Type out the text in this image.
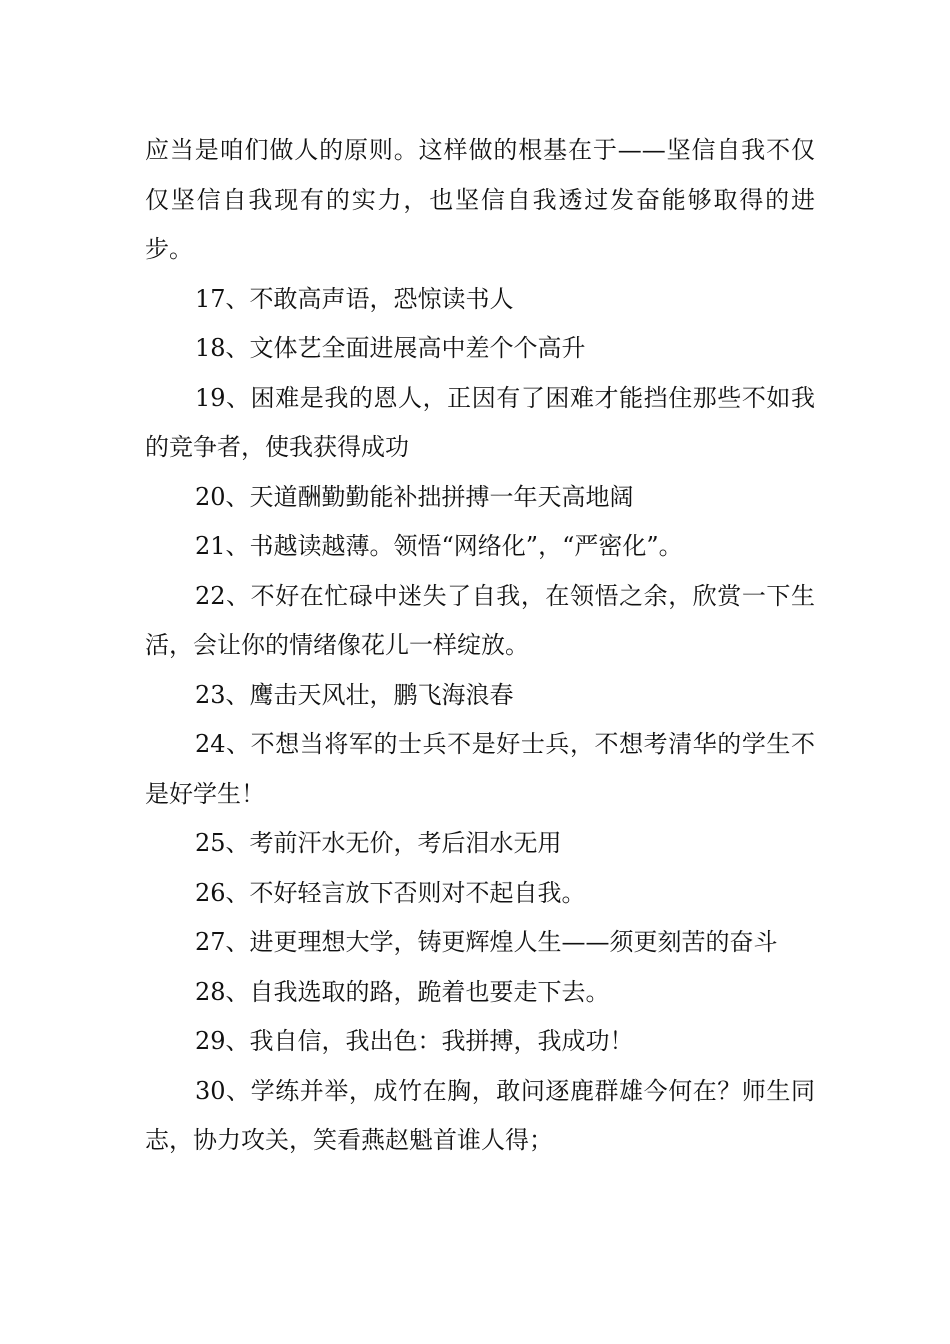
应当是咱们做人的原则。这样做的根基在于——坚信自我不仅仅坚信自我现有的实力，也坚信自我透过发奋能够取得的进步。

17、不敢高声语，恐惊读书人

18、文体艺全面进展高中差个个高升

19、困难是我的恩人，正因有了困难才能挡住那些不如我的竞争者，使我获得成功

20、天道酬勤勤能补拙拼搏一年天高地阔

21、书越读越薄。领悟“网络化”，“严密化”。

22、不好在忙碌中迷失了自我，在领悟之余，欣赏一下生活，会让你的情绪像花儿一样绽放。

23、鹰击天风壮，鹏飞海浪春

24、不想当将军的士兵不是好士兵，不想考清华的学生不是好学生！

25、考前汗水无价，考后泪水无用

26、不好轻言放下否则对不起自我。

27、进更理想大学，铸更辉煌人生——须更刻苦的奋斗

28、自我选取的路，跪着也要走下去。

29、我自信，我出色：我拼搏，我成功！

30、学练并举，成竹在胸，敢问逐鹿群雄今何在？师生同志，协力攻关，笑看燕赵魁首谁人得；
